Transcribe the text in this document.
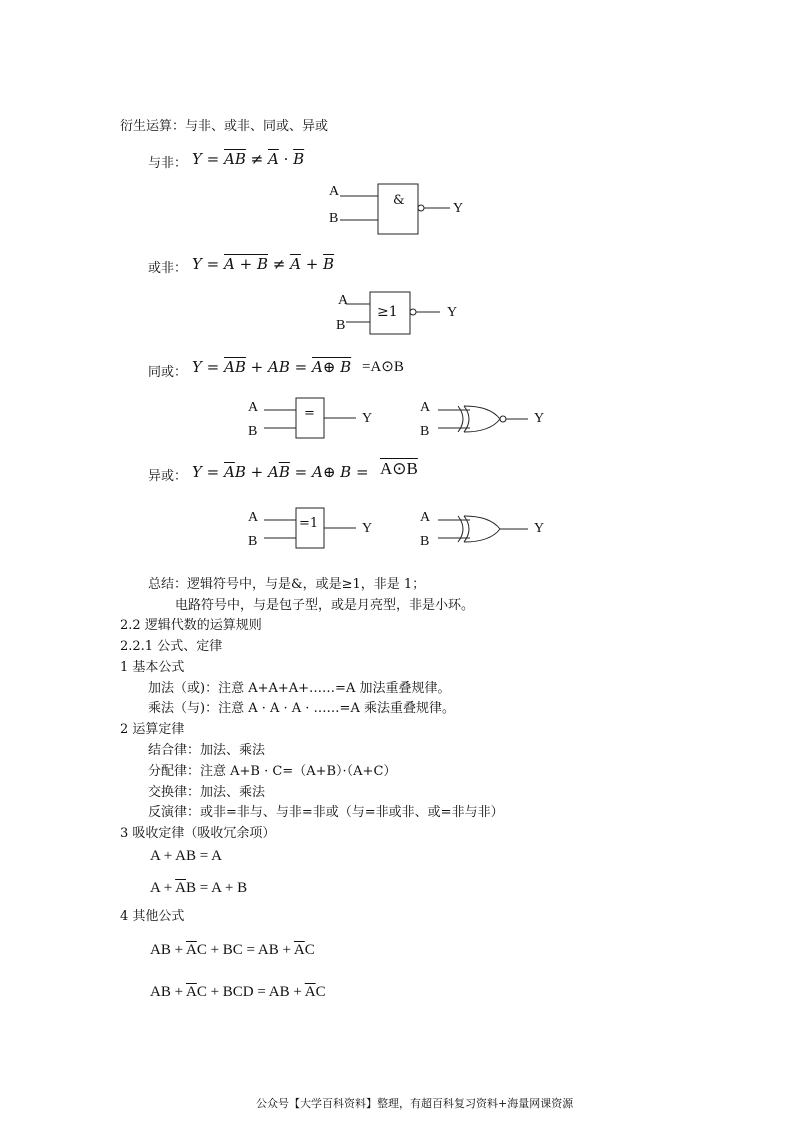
衍生运算：与非、或非、同或、异或
与非： $Y = \overline{AB} \ne \overline{A} \cdot \overline{B}$
或非： $Y = A + B \ne \overline{A} + \overline{B}$
同或： $Y = \overline{A}\overline{B}$ + AB = A⊕ B =A⊙B
异或： $Y = \overline{A}B + A\overline{B}$ = A⊕ B = A⊙B
A
B
&
Y
A
B
≥1	Y
A
B
=	Y
A
B
Y
A
B
=1	Y
A
B
Y
总结：逻辑符号中，与是&，或是≥1，非是 1；
电路符号中，与是包子型，或是月亮型，非是小环。
2.2 逻辑代数的运算规则
2.2.1 公式、定律
1 基本公式
加法（或)：注意 A+A+A+……=A 加法重叠规律。
乘法（与)：注意 A · A · A · ……=A 乘法重叠规律。
2 运算定律
结合律：加法、乘法
分配律：注意 A+B · C=（A+B）·（A+C）
交换律：加法、乘法
反演律：或非=非与、与非=非或（与=非或非、或=非与非）
3 吸收定律（吸收冗余项）
A + AB = A
$A + \overline{A}B = A + B$
4 其他公式
AB + $\overline{A}C$ + BC = AB + $\overline{A}C$
AB + $\overline{A}C$ + BCD = AB + $\overline{A}C$
公众号【大学百科资料】整理，有超百科复习资料+海量网课资源
